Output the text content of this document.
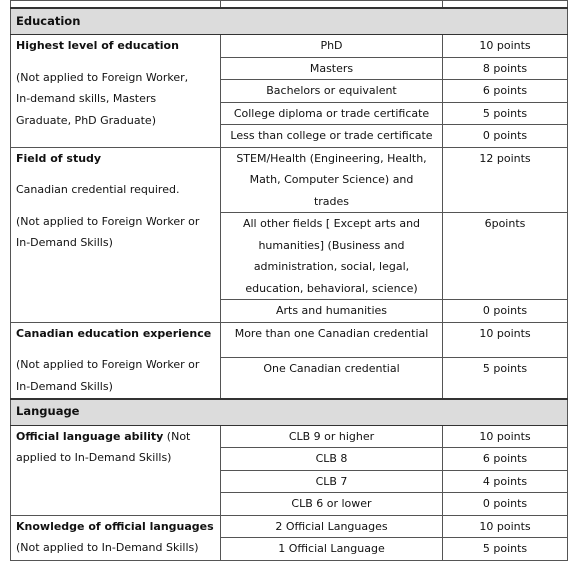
Education		

Highest level of education
(Not applied to Foreign Worker,
In-demand skills, Masters
Graduate, PhD Graduate)	PhD	10 points
	Masters	8 points
	Bachelors or equivalent	6 points
	College diploma or trade certificate	5 points
	Less than college or trade certificate	0 points

Field of study
Canadian credential required.
(Not applied to Foreign Worker or
In-Demand Skills)	STEM/Health (Engineering, Health,
Math, Computer Science) and
trades	12 points

	All other fields [ Except arts and
humanities] (Business and
administration, social, legal,
education, behavioral, science)	6points
	Arts and humanities	0 points

Canadian education experience
(Not applied to Foreign Worker or
In-Demand Skills)	More than one Canadian credential	10 points
	One Canadian credential	5 points
Language		

Official language ability (Not
applied to In-Demand Skills)	CLB 9 or higher	10 points
	CLB 8	6 points
	CLB 7	4 points
	CLB 6 or lower	0 points

Knowledge of official languages
(Not applied to In-Demand Skills)	2 Official Languages	10 points
	1 Official Language	5 points
